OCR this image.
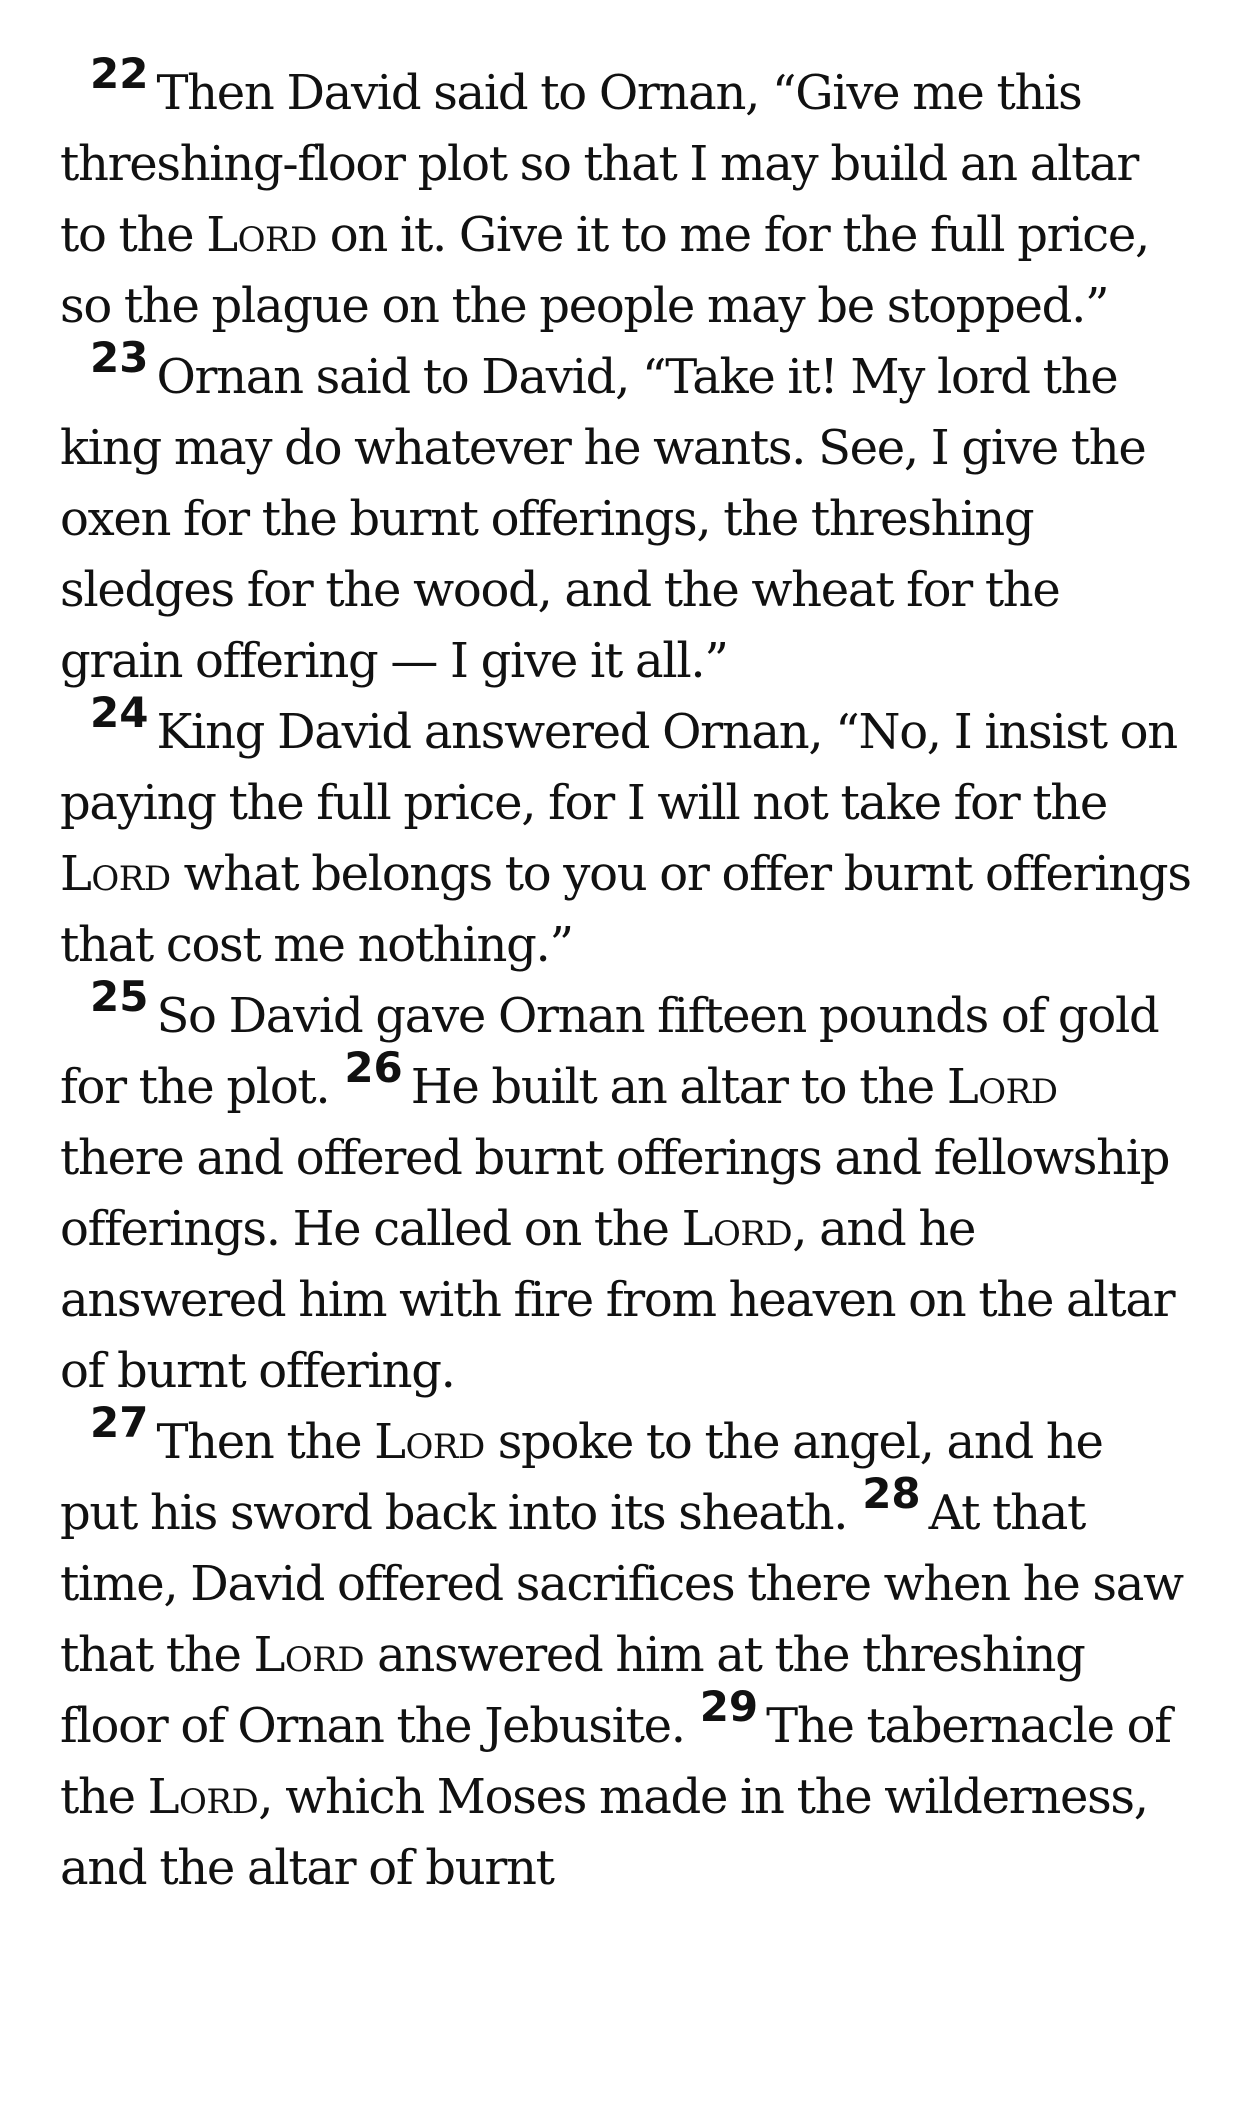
22 Then David said to Ornan, “Give me this threshing-floor plot so that I may build an altar to the Lord on it. Give it to me for the full price, so the plague on the people may be stopped.”

23 Ornan said to David, “Take it! My lord the king may do whatever he wants. See, I give the oxen for the burnt offerings, the threshing sledges for the wood, and the wheat for the grain offering — I give it all.”

24 King David answered Ornan, “No, I insist on paying the full price, for I will not take for the Lord what belongs to you or offer burnt offerings that cost me nothing.”

25 So David gave Ornan fifteen pounds of gold for the plot. 26 He built an altar to the Lord there and offered burnt offerings and fellowship offerings. He called on the Lord, and he answered him with fire from heaven on the altar of burnt offering.

27 Then the Lord spoke to the angel, and he put his sword back into its sheath. 28 At that time, David offered sacrifices there when he saw that the Lord answered him at the threshing floor of Ornan the Jebusite. 29 The tabernacle of the Lord, which Moses made in the wilderness, and the altar of burnt
